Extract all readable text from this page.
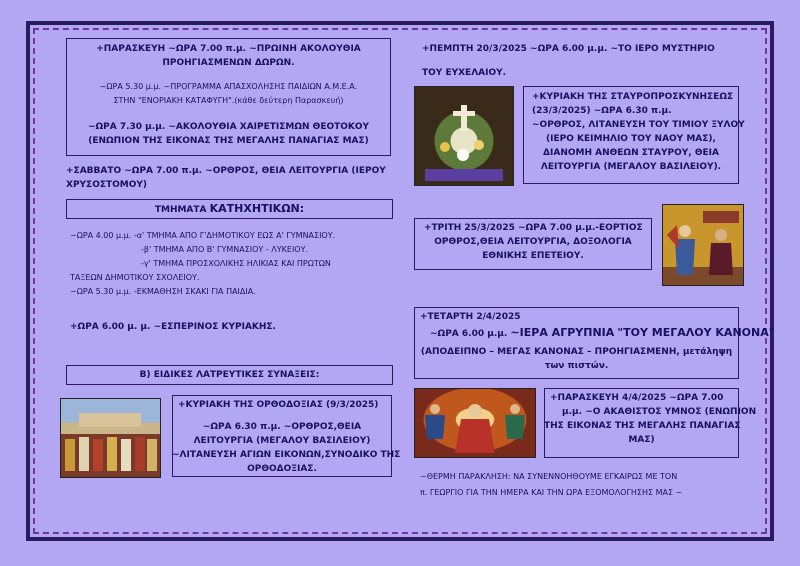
+ΠΑΡΑΣΚΕΥΗ ~ΩΡΑ 7.00 π.μ. ~ΠΡΩΙΝΗ ΑΚΟΛΟΥΘΙΑ
ΠΡΟΗΓΙΑΣΜΕΝΩΝ ΔΩΡΩΝ.
~ΩΡΑ 5.30 μ.μ. ~ΠΡΟΓΡΑΜΜΑ ΑΠΑΣΧΟΛΗΣΗΣ ΠΑΙΔΙΩΝ Α.Μ.Ε.Α.
ΣΤΗΝ "ΕΝΟΡΙΑΚΗ ΚΑΤΑΦΥΓΗ".(κάθε δεύτερη Παρασκευή)
~ΩΡΑ 7.30 μ.μ. ~ΑΚΟΛΟΥΘΙΑ ΧΑΙΡΕΤΙΣΜΩΝ ΘΕΟΤΟΚΟΥ
(ΕΝΩΠΙΟΝ ΤΗΣ ΕΙΚΟΝΑΣ ΤΗΣ ΜΕΓΑΛΗΣ ΠΑΝΑΓΙΑΣ ΜΑΣ)
+ΣΑΒΒΑΤΟ ~ΩΡΑ 7.00 π.μ. ~ΟΡΘΡΟΣ, ΘΕΙΑ ΛΕΙΤΟΥΡΓΙΑ (ΙΕΡΟΥ
ΧΡΥΣΟΣΤΟΜΟΥ)
ΤΜΗΜΑΤΑ ΚΑΤΗΧΗΤΙΚΩΝ:
~ΩΡΑ 4.00 μ.μ. -α' ΤΜΗΜΑ ΑΠΟ Γ'ΔΗΜΟΤΙΚΟΥ ΕΩΣ Α' ΓΥΜΝΑΣΙΟΥ.
-β' ΤΜΗΜΑ ΑΠΟ Β' ΓΥΜΝΑΣΙΟΥ - ΛΥΚΕΙΟΥ.
-γ' ΤΜΗΜΑ ΠΡΟΣΧΟΛΙΚΗΣ ΗΛΙΚΙΑΣ ΚΑΙ ΠΡΩΤΩΝ
ΤΑΞΕΩΝ ΔΗΜΟΤΙΚΟΥ ΣΧΟΛΕΙΟΥ.
~ΩΡΑ 5.30 μ.μ. -ΕΚΜΑΘΗΣΗ ΣΚΑΚΙ ΓΙΑ ΠΑΙΔΙΑ.
+ΩΡΑ 6.00 μ. μ. ~ΕΣΠΕΡΙΝΟΣ ΚΥΡΙΑΚΗΣ.
Β) ΕΙΔΙΚΕΣ ΛΑΤΡΕΥΤΙΚΕΣ ΣΥΝΑΞΕΙΣ:
+ΚΥΡΙΑΚΗ ΤΗΣ ΟΡΘΟΔΟΞΙΑΣ (9/3/2025)
~ΩΡΑ 6.30 π.μ. ~ΟΡΘΡΟΣ,ΘΕΙΑ
ΛΕΙΤΟΥΡΓΙΑ (ΜΕΓΑΛΟΥ ΒΑΣΙΛΕΙΟΥ)
~ΛΙΤΑΝΕΥΣΗ ΑΓΙΩΝ ΕΙΚΟΝΩΝ,ΣΥΝΟΔΙΚΟ ΤΗΣ
ΟΡΘΟΔΟΞΙΑΣ.
+ΠΕΜΠΤΗ 20/3/2025 ~ΩΡΑ 6.00 μ.μ. ~ΤΟ ΙΕΡΟ ΜΥΣΤΗΡΙΟ
ΤΟΥ ΕΥΧΕΛΑΙΟΥ.
+ΚΥΡΙΑΚΗ ΤΗΣ ΣΤΑΥΡΟΠΡΟΣΚΥΝΗΣΕΩΣ
(23/3/2025) ~ΩΡΑ 6.30 π.μ.
~ΟΡΘΡΟΣ, ΛΙΤΑΝΕΥΣΗ ΤΟΥ ΤΙΜΙΟΥ ΞΥΛΟΥ
(ΙΕΡΟ ΚΕΙΜΗΛΙΟ ΤΟΥ ΝΑΟΥ ΜΑΣ),
ΔΙΑΝΟΜΗ ΑΝΘΕΩΝ ΣΤΑΥΡΟΥ, ΘΕΙΑ
ΛΕΙΤΟΥΡΓΙΑ (ΜΕΓΑΛΟΥ ΒΑΣΙΛΕΙΟΥ).
+ΤΡΙΤΗ 25/3/2025 ~ΩΡΑ 7.00 μ.μ.-ΕΟΡΤΙΟΣ
ΟΡΘΡΟΣ,ΘΕΙΑ ΛΕΙΤΟΥΡΓΙΑ, ΔΟΞΟΛΟΓΙΑ
ΕΘΝΙΚΗΣ ΕΠΕΤΕΙΟΥ.
+ΤΕΤΑΡΤΗ 2/4/2025
~ΩΡΑ 6.00 μ.μ. ~ΙΕΡΑ ΑΓΡΥΠΝΙΑ "ΤΟΥ ΜΕΓΑΛΟΥ ΚΑΝΟΝΑ"
(ΑΠΟΔΕΙΠΝΟ – ΜΕΓΑΣ ΚΑΝΟΝΑΣ – ΠΡΟΗΓΙΑΣΜΕΝΗ, μετάληψη
των πιστών.
+ΠΑΡΑΣΚΕΥΗ 4/4/2025 ~ΩΡΑ 7.00
μ.μ. ~Ο ΑΚΑΘΙΣΤΟΣ ΥΜΝΟΣ (ΕΝΩΠΙΟΝ
ΤΗΣ ΕΙΚΟΝΑΣ ΤΗΣ ΜΕΓΑΛΗΣ ΠΑΝΑΓΙΑΣ
ΜΑΣ)
~ΘΕΡΜΗ ΠΑΡΑΚΛΗΣΗ: ΝΑ ΣΥΝΕΝΝΟΗΘΟΥΜΕ ΕΓΚΑΙΡΩΣ ΜΕ ΤΟΝ
π. ΓΕΩΡΓΙΟ ΓΙΑ ΤΗΝ ΗΜΕΡΑ ΚΑΙ ΤΗΝ ΩΡΑ ΕΞΟΜΟΛΟΓΗΣΗΣ ΜΑΣ ~
